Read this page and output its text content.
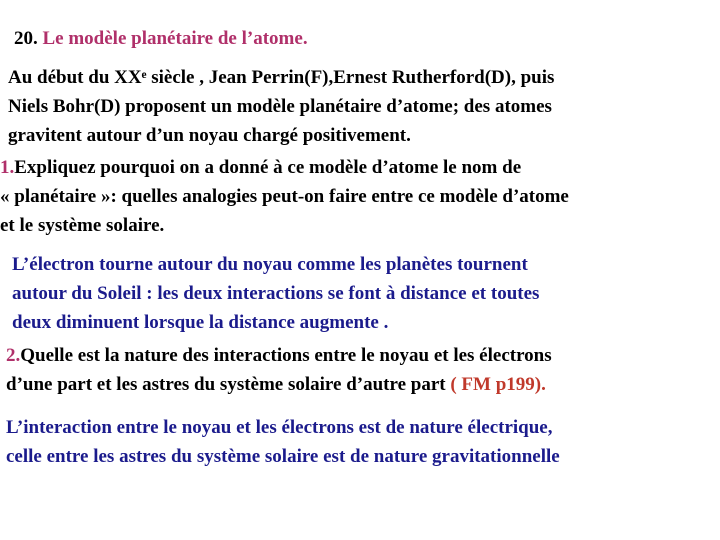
20. Le modèle planétaire de l’atome.
Au début du XXᵉ siècle , Jean Perrin(F),Ernest Rutherford(D), puis
Niels Bohr(D) proposent un modèle planétaire d’atome; des atomes
gravitent autour d’un noyau chargé positivement.
1.Expliquez pourquoi on a donné à ce modèle d’atome le nom de
« planétaire »: quelles analogies peut-on faire entre ce modèle d’atome
et le système solaire.
L’électron tourne autour du noyau comme les planètes tournent
autour du Soleil : les deux interactions se font à distance et toutes
deux diminuent lorsque la distance augmente .
2.Quelle est la nature des interactions entre le noyau et les électrons
d’une part et les astres du système solaire d’autre part ( FM p199).
L’interaction entre le noyau et les électrons est de nature électrique,
celle entre les astres du système solaire est de nature gravitationnelle
